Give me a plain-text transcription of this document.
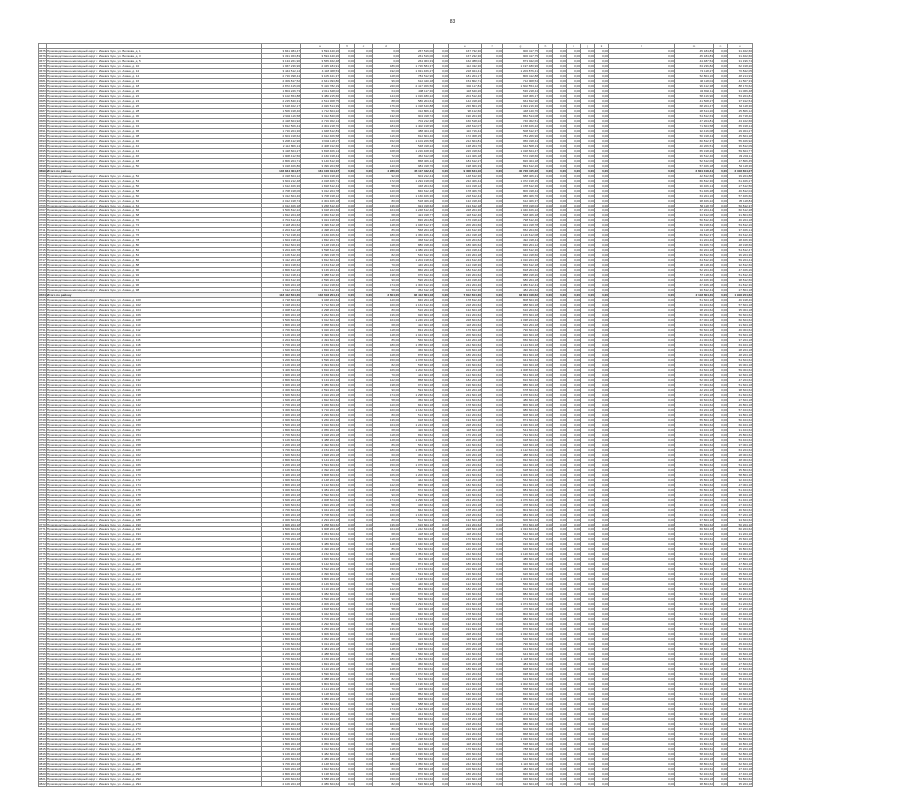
83
			a	б	c	d			e	f	g	h		i	j	k	l	m	n	o
3675	Производственно-жилищный округ г. Ижевск Чуш, ул. Волкова, д. 1	3 841 384,47	3 594 440,26	0,00	0,00	3,00	267 516,00	0,00	167 732,30	0,00	900 417,75	0,00	0,00	0,00	0,00	0,00	0,00	45 184,83	0,00	31 402,66
3676	Производственно-жилищный округ г. Ижевск Чуш, ул. Волкова, д. 3	3 331 363,83	3 594 440,26	0,00	0,00	3,00	261 516,00	0,00	167 232,30	0,00	900 417,75	0,00	0,00	0,00	0,00	0,00	0,00	45 184,83	0,00	31 402,66
3677	Производственно-жилищный округ г. Ижевск Чуш, ул. Волкова, д. 5	3 134 261,90	3 565 462,48	0,00	0,00	3,00	264 063,33	0,00	162 388,04	0,00	873 942,06	0,00	0,00	0,00	0,00	0,00	0,00	44 487,54	0,00	31 196,74
3678	Производственно-жилищный округ г. Ижевск Чуш, ул. Азина, д. 10	1 967 236,96	2 345 184,91	0,00	0,00	186,00	1 726 584,37	0,00	112 432,30	0,00	1 197 480,96	0,00	0,00	0,00	0,00	0,00	0,00	63 236,82	0,00	62 318,20
3679	Производственно-жилищный округ г. Ижевск Чуш, ул. Азина, д. 12	3 444 512,14	4 118 468,53	0,00	0,00	192,00	1 931 466,27	0,00	218 924,41	0,00	1 203 876,41	0,00	0,00	0,00	0,00	0,00	0,00	74 118,27	0,00	70 842,05
3680	Производственно-жилищный округ г. Ижевск Чуш, ул. Азина, д. 14	2 716 398,44	3 105 421,37	0,00	0,00	128,00	784 512,96	0,00	181 204,17	0,00	806 412,88	0,00	0,00	0,00	0,00	0,00	0,00	52 804,16	0,00	48 214,93
3681	Производственно-жилищный округ г. Ижевск Чуш, ул. Азина, д. 16	2 309 817,52	2 641 093,80	0,00	0,00	96,00	612 440,18	0,00	154 802,71	0,00	712 908,54	0,00	0,00	0,00	0,00	0,00	0,00	46 118,04	0,00	41 507,33
3682	Производственно-жилищный округ г. Ижевск Чуш, ул. Азина, д. 18	4 872 415,06	5 416 782,19	0,00	0,00	240,00	2 417 306,50	0,00	302 117,84	0,00	1 602 554,12	0,00	0,00	0,00	0,00	0,00	0,00	96 412,38	0,00	88 170,62
3683	Производственно-жилищный округ г. Ижевск Чуш, ул. Азина, д. 20	1 804 226,73	2 011 648,02	0,00	0,00	64,00	408 117,30	0,00	118 640,26	0,00	536 218,44	0,00	0,00	0,00	0,00	0,00	0,00	34 802,11	0,00	31 066,48
3684	Производственно-жилищный округ г. Ижевск Чуш, ул. Азина, д. 22	3 102 654,88	3 480 215,66	0,00	0,00	144,00	1 016 480,22	0,00	204 512,40	0,00	918 306,17	0,00	0,00	0,00	0,00	0,00	0,00	58 416,90	0,00	53 204,81
3685	Производственно-жилищный округ г. Ижевск Чуш, ул. Азина, д. 24	2 215 840,31	2 514 308,75	0,00	0,00	88,00	586 204,64	0,00	142 318,20	0,00	664 812,90	0,00	0,00	0,00	0,00	0,00	0,00	41 508,27	0,00	37 912,54
3686	Производственно-жилищный округ г. Ижевск Чуш, ул. Азина, д. 26	3 618 402,17	4 026 514,39	0,00	0,00	176,00	1 318 640,88	0,00	236 804,15	0,00	1 094 216,30	0,00	0,00	0,00	0,00	0,00	0,00	68 204,47	0,00	62 118,30
3687	Производственно-жилищный округ г. Ижевск Чуш, ул. Азина, д. 28	1 506 318,40	1 712 604,22	0,00	0,00	56,00	312 806,14	0,00	98 412,60	0,00	448 120,76	0,00	0,00	0,00	0,00	0,00	0,00	28 614,20	0,00	25 806,12
3688	Производственно-жилищный округ г. Ижевск Чуш, ул. Азина, д. 30	2 904 116,58	3 312 840,06	0,00	0,00	132,00	904 318,72	0,00	190 204,36	0,00	862 514,08	0,00	0,00	0,00	0,00	0,00	0,00	54 812,63	0,00	49 718,40
3689	Производственно-жилищный округ г. Ижевск Чуш, ул. Азина, д. 32	2 418 604,92	2 716 302,14	0,00	0,00	104,00	704 212,38	0,00	160 518,22	0,00	746 302,51	0,00	0,00	0,00	0,00	0,00	0,00	47 204,81	0,00	43 102,66
3690	Производственно-жилищный округ г. Ижевск Чуш, ул. Азина, д. 34	3 812 506,44	4 304 218,70	0,00	0,00	184,00	1 402 318,96	0,00	248 612,07	0,00	1 158 406,22	0,00	0,00	0,00	0,00	0,00	0,00	71 604,58	0,00	65 318,14
3691	Производственно-жилищный округ г. Ижевск Чуш, ул. Азина, д. 36	1 716 204,30	1 948 612,83	0,00	0,00	60,00	388 404,16	0,00	110 716,44	0,00	508 612,37	0,00	0,00	0,00	0,00	0,00	0,00	32 416,08	0,00	29 304,27
3692	Производственно-жилищный округ г. Ижевск Чуш, ул. Азина, д. 38	2 604 318,62	2 912 406,58	0,00	0,00	116,00	812 604,40	0,00	172 308,15	0,00	784 206,90	0,00	0,00	0,00	0,00	0,00	0,00	50 318,44	0,00	45 604,18
3693	Производственно-жилищный округ г. Ижевск Чуш, ул. Азина, д. 40	3 208 412,96	3 604 118,27	0,00	0,00	152,00	1 104 206,58	0,00	212 604,81	0,00	956 318,44	0,00	0,00	0,00	0,00	0,00	0,00	60 812,37	0,00	55 406,92
3694	Производственно-жилищный округ г. Ижевск Чуш, ул. Азина, д. 42	2 112 806,14	2 408 312,60	0,00	0,00	84,00	548 318,22	0,00	138 204,70	0,00	642 508,13	0,00	0,00	0,00	0,00	0,00	0,00	40 206,51	0,00	36 812,09
3695	Производственно-жилищный округ г. Ижевск Чуш, ул. Азина, д. 44	3 418 604,27	3 818 406,14	0,00	0,00	168,00	1 216 408,30	0,00	226 318,62	0,00	1 018 604,47	0,00	0,00	0,00	0,00	0,00	0,00	65 318,20	0,00	59 604,77
3696	Производственно-жилищный округ г. Ижевск Чуш, ул. Азина, д. 46	1 908 412,50	2 160 318,44	0,00	0,00	72,00	452 612,08	0,00	124 406,18	0,00	572 318,66	0,00	0,00	0,00	0,00	0,00	0,00	36 512,40	0,00	33 204,11
3697	Производственно-жилищный округ г. Ижевск Чуш, ул. Азина, д. 48	2 806 204,71	3 140 612,30	0,00	0,00	124,00	868 406,12	0,00	184 612,27	0,00	826 404,18	0,00	0,00	0,00	0,00	0,00	0,00	52 612,06	0,00	47 806,45
3698	Производственно-жилищный округ г. Ижевск Чуш, ул. Азина, д. 50	3 018 406,80	3 396 204,58	0,00	0,00	140,00	984 318,70	0,00	198 406,33	0,00	894 612,20	0,00	0,00	0,00	0,00	0,00	0,00	57 406,18	0,00	52 118,36
3699	Итого по району	146 844 304,37	161 106 314,37	0,00	0,00	4 286,00	45 117 342,44	0,00	9 308 624,16	0,00	40 726 415,22	0,00	0,00	0,00	0,00	0,00	0,00	2 604 318,44	0,00	2 318 604,27
3700	Производственно-жилищный округ г. Ижевск Чуш, ул. Азина, д. 52	2 318 604,12	2 604 318,20	0,00	0,00	92,00	604 212,44	0,00	148 612,30	0,00	688 406,21	0,00	0,00	0,00	0,00	0,00	0,00	42 812,60	0,00	39 204,88
3701	Производственно-жилищный округ г. Ижевск Чуш, ул. Азина, д. 54	3 604 212,48	4 018 406,71	0,00	0,00	172,00	1 294 318,06	0,00	232 406,44	0,00	1 072 318,15	0,00	0,00	0,00	0,00	0,00	0,00	66 812,30	0,00	61 406,27
3702	Производственно-жилищный округ г. Ижевск Чуш, ул. Азина, д. 56	1 612 406,30	1 818 612,44	0,00	0,00	58,00	348 204,62	0,00	104 318,12	0,00	478 612,30	0,00	0,00	0,00	0,00	0,00	0,00	30 406,14	0,00	27 612,50
3703	Производственно-жилищный округ г. Ижевск Чуш, ул. Азина, д. 58	2 708 318,06	3 012 204,78	0,00	0,00	120,00	840 612,18	0,00	178 406,70	0,00	806 318,44	0,00	0,00	0,00	0,00	0,00	0,00	51 406,28	0,00	46 812,04
3704	Производственно-жилищный округ г. Ижевск Чуш, ул. Азина, д. 60	3 312 604,40	3 708 318,12	0,00	0,00	160,00	1 160 406,30	0,00	218 612,44	0,00	986 406,70	0,00	0,00	0,00	0,00	0,00	0,00	63 204,16	0,00	57 406,60
3705	Производственно-жилищный округ г. Ижевск Чуш, ул. Азина, д. 62	2 012 318,74	2 304 406,18	0,00	0,00	80,00	518 406,20	0,00	132 318,40	0,00	612 406,37	0,00	0,00	0,00	0,00	0,00	0,00	38 406,22	0,00	35 118,84
3706	Производственно-жилищный округ г. Ижевск Чуш, ул. Азина, д. 64	2 912 406,18	3 268 612,40	0,00	0,00	136,00	924 318,62	0,00	194 612,18	0,00	878 318,04	0,00	0,00	0,00	0,00	0,00	0,00	56 118,70	0,00	50 812,37
3707	Производственно-жилищный округ г. Ижевск Чуш, ул. Азина, д. 66	3 506 812,22	3 918 204,60	0,00	0,00	164,00	1 248 612,40	0,00	228 204,30	0,00	1 040 406,22	0,00	0,00	0,00	0,00	0,00	0,00	67 204,44	0,00	60 612,28
3708	Производственно-жилищный округ г. Ижевск Чуш, ул. Азина, д. 68	1 812 204,48	2 060 612,30	0,00	0,00	68,00	424 318,77	0,00	118 612,40	0,00	548 406,18	0,00	0,00	0,00	0,00	0,00	0,00	34 612,08	0,00	31 804,66
3709	Производственно-жилищный округ г. Ижевск Чуш, ул. Азина, д. 70	2 704 612,44	3 024 318,60	0,00	0,00	118,00	836 204,80	0,00	176 318,22	0,00	798 612,40	0,00	0,00	0,00	0,00	0,00	0,00	50 812,40	0,00	46 204,18
3710	Производственно-жилищный округ г. Ижевск Чуш, ул. Азина, д. 72	3 118 204,62	3 496 612,18	0,00	0,00	148,00	1 048 612,37	0,00	206 204,60	0,00	924 318,78	0,00	0,00	0,00	0,00	0,00	0,00	59 318,64	0,00	53 812,20
3711	Производственно-жилищный округ г. Ижевск Чуш, ул. Азина, д. 74	2 204 612,18	2 498 204,40	0,00	0,00	86,00	568 204,18	0,00	140 612,30	0,00	652 204,60	0,00	0,00	0,00	0,00	0,00	0,00	41 118,28	0,00	37 406,14
3712	Производственно-жилищный округ г. Ижевск Чуш, ул. Азина, д. 76	3 712 318,40	4 160 406,62	0,00	0,00	180,00	1 360 406,44	0,00	242 318,18	0,00	1 126 612,08	0,00	0,00	0,00	0,00	0,00	0,00	69 812,37	0,00	63 612,40
3713	Производственно-жилищный округ г. Ижевск Чуш, ул. Азина, д. 78	1 604 318,22	1 832 204,70	0,00	0,00	60,00	368 612,20	0,00	106 204,62	0,00	492 318,44	0,00	0,00	0,00	0,00	0,00	0,00	31 204,40	0,00	28 406,30
3714	Производственно-жилищный округ г. Ижевск Чуш, ул. Азина, д. 80	2 812 604,30	3 148 318,44	0,00	0,00	128,00	880 318,40	0,00	186 406,62	0,00	836 204,12	0,00	0,00	0,00	0,00	0,00	0,00	53 406,72	0,00	48 318,60
3715	Производственно-жилищный округ г. Ижевск Чуш, ул. Азина, д. 82	3 204 406,78	3 598 612,20	0,00	0,00	150,00	1 080 204,30	0,00	210 318,44	0,00	946 612,30	0,00	0,00	0,00	0,00	0,00	0,00	60 204,18	0,00	54 812,47
3716	Производственно-жилищный округ г. Ижевск Чуш, ул. Азина, д. 84	2 106 612,40	2 396 318,70	0,00	0,00	82,00	540 612,36	0,00	136 204,18	0,00	632 318,60	0,00	0,00	0,00	0,00	0,00	0,00	39 812,60	0,00	36 204,30
3717	Производственно-жилищный округ г. Ижевск Чуш, ул. Азина, д. 86	3 412 204,18	3 812 604,40	0,00	0,00	166,00	1 204 318,62	0,00	224 612,40	0,00	1 010 204,36	0,00	0,00	0,00	0,00	0,00	0,00	64 812,20	0,00	59 204,44
3718	Производственно-жилищный округ г. Ижевск Чуш, ул. Азина, д. 88	1 904 318,62	2 154 612,18	0,00	0,00	70,00	446 204,40	0,00	122 318,30	0,00	566 612,18	0,00	0,00	0,00	0,00	0,00	0,00	36 118,40	0,00	32 812,60
3719	Производственно-жилищный округ г. Ижевск Чуш, ул. Азина, д. 90	2 806 612,20	3 136 204,44	0,00	0,00	122,00	860 204,18	0,00	182 612,40	0,00	818 204,62	0,00	0,00	0,00	0,00	0,00	0,00	52 204,40	0,00	47 406,20
3720	Производственно-жилищный округ г. Ижевск Чуш, ул. Азина, д. 92	3 012 318,44	3 388 612,30	0,00	0,00	138,00	976 612,40	0,00	196 204,62	0,00	888 318,20	0,00	0,00	0,00	0,00	0,00	0,00	57 118,62	0,00	51 812,40
3721	Производственно-жилищный округ г. Ижевск Чуш, ул. Азина, д. 94	2 304 612,30	2 596 204,18	0,00	0,00	90,00	596 204,62	0,00	146 318,40	0,00	680 204,18	0,00	0,00	0,00	0,00	0,00	0,00	42 406,30	0,00	38 812,60
3722	Производственно-жилищный округ г. Ижевск Чуш, ул. Азина, д. 96	3 606 204,18	4 012 318,62	0,00	0,00	174,00	1 300 612,20	0,00	234 204,40	0,00	1 080 612,44	0,00	0,00	0,00	0,00	0,00	0,00	67 406,18	0,00	61 812,30
3723	Производственно-жилищный округ г. Ижевск Чуш, ул. Азина, д. 98	1 612 204,62	1 824 612,40	0,00	0,00	58,00	352 612,18	0,00	104 812,30	0,00	482 204,62	0,00	0,00	0,00	0,00	0,00	0,00	30 812,44	0,00	27 804,18
3724	Итого по району	118 412 604,30	132 618 204,44	0,00	0,00	3 604,00	36 412 604,18	0,00	7 812 604,30	0,00	33 604 318,62	0,00	0,00	0,00	0,00	0,00	0,00	2 118 604,40	0,00	1 918 204,62
3725	Производственно-жилищный округ г. Ижевск Чуш, ул. Азина, д. 100	2 718 604,30	3 048 204,62	0,00	0,00	120,00	846 204,18	0,00	178 812,40	0,00	808 604,30	0,00	0,00	0,00	0,00	0,00	0,00	51 604,18	0,00	46 918,40
3726	Производственно-жилищный округ г. Ижевск Чуш, ул. Азина, д. 102	3 318 204,62	3 712 604,18	0,00	0,00	160,00	1 164 612,40	0,00	218 204,62	0,00	988 604,18	0,00	0,00	0,00	0,00	0,00	0,00	63 404,62	0,00	57 604,18
3727	Производственно-жилищный округ г. Ижевск Чуш, ул. Азина, д. 104	2 008 612,40	2 298 204,62	0,00	0,00	80,00	516 204,30	0,00	132 604,18	0,00	610 204,62	0,00	0,00	0,00	0,00	0,00	0,00	38 204,62	0,00	35 004,18
3728	Производственно-жилищный округ г. Ижевск Чуш, ул. Азина, д. 106	2 906 204,18	3 262 604,40	0,00	0,00	136,00	920 604,18	0,00	194 204,62	0,00	876 604,18	0,00	0,00	0,00	0,00	0,00	0,00	56 004,18	0,00	50 604,62
3729	Производственно-жилищный округ г. Ижевск Чуш, ул. Азина, д. 108	3 506 604,62	3 912 604,18	0,00	0,00	164,00	1 246 204,18	0,00	228 604,62	0,00	1 038 204,62	0,00	0,00	0,00	0,00	0,00	0,00	67 004,18	0,00	60 604,62
3730	Производственно-жилищный округ г. Ижевск Чуш, ул. Азина, д. 110	1 806 204,18	2 058 604,62	0,00	0,00	68,00	422 604,18	0,00	118 204,62	0,00	546 204,18	0,00	0,00	0,00	0,00	0,00	0,00	34 604,62	0,00	31 604,18
3731	Производственно-жилищный округ г. Ижевск Чуш, ул. Азина, д. 112	2 706 604,62	3 020 204,18	0,00	0,00	118,00	834 204,62	0,00	176 604,18	0,00	796 604,62	0,00	0,00	0,00	0,00	0,00	0,00	50 604,18	0,00	46 004,62
3732	Производственно-жилищный округ г. Ижевск Чуш, ул. Азина, д. 114	3 106 204,18	3 490 604,62	0,00	0,00	148,00	1 044 604,18	0,00	206 604,62	0,00	920 604,18	0,00	0,00	0,00	0,00	0,00	0,00	59 204,62	0,00	53 604,18
3733	Производственно-жилищный округ г. Ижевск Чуш, ул. Азина, д. 116	2 204 604,62	2 494 604,18	0,00	0,00	86,00	566 604,62	0,00	140 204,18	0,00	650 604,62	0,00	0,00	0,00	0,00	0,00	0,00	41 004,62	0,00	37 204,18
3734	Производственно-жилищный округ г. Ижевск Чуш, ул. Азина, д. 118	3 706 204,18	4 156 604,62	0,00	0,00	180,00	1 358 604,18	0,00	242 604,62	0,00	1 124 604,18	0,00	0,00	0,00	0,00	0,00	0,00	69 604,62	0,00	63 404,18
3735	Производственно-жилищный округ г. Ижевск Чуш, ул. Азина, д. 120	1 606 604,62	1 830 204,18	0,00	0,00	60,00	366 604,62	0,00	106 604,18	0,00	490 604,62	0,00	0,00	0,00	0,00	0,00	0,00	31 004,62	0,00	28 204,18
3736	Производственно-жилищный округ г. Ижевск Чуш, ул. Азина, д. 122	2 806 204,18	3 146 604,62	0,00	0,00	128,00	878 604,18	0,00	186 204,62	0,00	834 604,18	0,00	0,00	0,00	0,00	0,00	0,00	53 204,62	0,00	48 204,18
3737	Производственно-жилищный округ г. Ижевск Чуш, ул. Азина, д. 124	3 206 604,62	3 596 204,18	0,00	0,00	150,00	1 078 604,62	0,00	210 604,18	0,00	944 604,62	0,00	0,00	0,00	0,00	0,00	0,00	60 004,18	0,00	54 604,62
3738	Производственно-жилищный округ г. Ижевск Чуш, ул. Азина, д. 126	2 106 204,18	2 394 604,62	0,00	0,00	82,00	538 604,18	0,00	136 604,62	0,00	630 604,18	0,00	0,00	0,00	0,00	0,00	0,00	39 604,62	0,00	36 004,18
3739	Производственно-жилищный округ г. Ижевск Чуш, ул. Азина, д. 128	3 406 604,62	3 810 204,18	0,00	0,00	166,00	1 202 604,62	0,00	224 204,18	0,00	1 008 604,62	0,00	0,00	0,00	0,00	0,00	0,00	64 604,18	0,00	59 004,62
3740	Производственно-жилищный округ г. Ижевск Чуш, ул. Азина, д. 130	1 906 204,18	2 150 604,62	0,00	0,00	70,00	444 604,18	0,00	122 604,62	0,00	564 604,18	0,00	0,00	0,00	0,00	0,00	0,00	36 004,62	0,00	32 604,18
3741	Производственно-жилищный округ г. Ижевск Чуш, ул. Азина, д. 132	2 806 604,62	3 134 204,18	0,00	0,00	122,00	858 604,62	0,00	182 204,18	0,00	816 604,62	0,00	0,00	0,00	0,00	0,00	0,00	52 004,18	0,00	47 204,62
3742	Производственно-жилищный округ г. Ижевск Чуш, ул. Азина, д. 134	3 006 204,18	3 386 604,62	0,00	0,00	138,00	974 604,18	0,00	196 604,62	0,00	886 604,18	0,00	0,00	0,00	0,00	0,00	0,00	57 004,62	0,00	51 604,18
3743	Производственно-жилищный округ г. Ижевск Чуш, ул. Азина, д. 136	2 306 604,62	2 594 204,18	0,00	0,00	90,00	594 604,62	0,00	146 204,18	0,00	678 604,62	0,00	0,00	0,00	0,00	0,00	0,00	42 204,18	0,00	38 604,62
3744	Производственно-жилищный округ г. Ижевск Чуш, ул. Азина, д. 138	3 606 604,62	4 010 204,18	0,00	0,00	174,00	1 298 604,62	0,00	234 604,18	0,00	1 078 604,62	0,00	0,00	0,00	0,00	0,00	0,00	67 204,18	0,00	61 604,62
3745	Производственно-жилищный округ г. Ижевск Чуш, ул. Азина, д. 140	1 606 204,18	1 822 604,62	0,00	0,00	58,00	350 604,18	0,00	104 604,62	0,00	480 604,18	0,00	0,00	0,00	0,00	0,00	0,00	30 604,62	0,00	27 604,18
3746	Производственно-жилищный округ г. Ижевск Чуш, ул. Азина, д. 142	2 706 204,18	3 046 604,62	0,00	0,00	120,00	844 604,18	0,00	178 604,62	0,00	806 604,18	0,00	0,00	0,00	0,00	0,00	0,00	51 404,62	0,00	46 804,18
3747	Производственно-жилищный округ г. Ижевск Чуш, ул. Азина, д. 144	3 306 604,62	3 710 204,18	0,00	0,00	160,00	1 162 604,62	0,00	218 604,18	0,00	986 604,62	0,00	0,00	0,00	0,00	0,00	0,00	63 204,18	0,00	57 404,62
3748	Производственно-жилищный округ г. Ижевск Чуш, ул. Азина, д. 146	2 006 204,18	2 296 604,62	0,00	0,00	80,00	514 604,18	0,00	132 204,62	0,00	608 604,18	0,00	0,00	0,00	0,00	0,00	0,00	38 004,62	0,00	34 804,18
3749	Производственно-жилищный округ г. Ижевск Чуш, ул. Азина, д. 148	2 906 604,62	3 260 204,18	0,00	0,00	136,00	918 604,62	0,00	194 604,18	0,00	874 604,62	0,00	0,00	0,00	0,00	0,00	0,00	55 804,18	0,00	50 404,62
3750	Производственно-жилищный округ г. Ижевск Чуш, ул. Азина, д. 150	3 506 204,18	3 910 604,62	0,00	0,00	164,00	1 244 604,18	0,00	228 204,62	0,00	1 036 604,18	0,00	0,00	0,00	0,00	0,00	0,00	66 804,62	0,00	60 404,18
3751	Производственно-жилищный округ г. Ижевск Чуш, ул. Азина, д. 152	1 806 604,62	2 056 204,18	0,00	0,00	68,00	420 604,62	0,00	118 604,18	0,00	544 604,62	0,00	0,00	0,00	0,00	0,00	0,00	34 404,18	0,00	31 404,62
3752	Производственно-жилищный округ г. Ижевск Чуш, ул. Азина, д. 154	2 706 604,62	3 018 204,18	0,00	0,00	118,00	832 604,62	0,00	176 204,18	0,00	794 604,62	0,00	0,00	0,00	0,00	0,00	0,00	50 404,18	0,00	45 804,62
3753	Производственно-жилищный округ г. Ижевск Чуш, ул. Азина, д. 156	3 106 604,62	3 488 204,18	0,00	0,00	148,00	1 042 604,62	0,00	206 204,18	0,00	918 604,62	0,00	0,00	0,00	0,00	0,00	0,00	59 004,18	0,00	53 404,62
3754	Производственно-жилищный округ г. Ижевск Чуш, ул. Азина, д. 158	2 206 204,18	2 492 604,62	0,00	0,00	86,00	564 604,18	0,00	140 604,62	0,00	648 604,18	0,00	0,00	0,00	0,00	0,00	0,00	40 804,62	0,00	37 004,18
3755	Производственно-жилищный округ г. Ижевск Чуш, ул. Азина, д. 160	3 706 604,62	4 154 204,18	0,00	0,00	180,00	1 356 604,62	0,00	242 204,18	0,00	1 122 604,62	0,00	0,00	0,00	0,00	0,00	0,00	69 404,18	0,00	63 204,62
3756	Производственно-жилищный округ г. Ижевск Чуш, ул. Азина, д. 162	1 606 604,62	1 828 204,18	0,00	0,00	60,00	364 604,62	0,00	106 204,18	0,00	488 604,62	0,00	0,00	0,00	0,00	0,00	0,00	30 804,18	0,00	28 004,62
3757	Производственно-жилищный округ г. Ижевск Чуш, ул. Азина, д. 164	2 806 604,62	3 144 204,18	0,00	0,00	128,00	876 604,62	0,00	186 604,18	0,00	832 604,62	0,00	0,00	0,00	0,00	0,00	0,00	53 004,18	0,00	48 004,62
3758	Производственно-жилищный округ г. Ижевск Чуш, ул. Азина, д. 166	3 206 204,18	3 594 604,62	0,00	0,00	150,00	1 076 604,18	0,00	210 204,62	0,00	942 604,18	0,00	0,00	0,00	0,00	0,00	0,00	59 804,62	0,00	54 404,18
3759	Производственно-жилищный округ г. Ижевск Чуш, ул. Азина, д. 168	2 106 604,62	2 392 204,18	0,00	0,00	82,00	536 604,62	0,00	136 204,18	0,00	628 604,62	0,00	0,00	0,00	0,00	0,00	0,00	39 404,18	0,00	35 804,62
3760	Производственно-жилищный округ г. Ижевск Чуш, ул. Азина, д. 170	3 406 204,18	3 808 604,62	0,00	0,00	166,00	1 200 604,18	0,00	224 604,62	0,00	1 006 604,18	0,00	0,00	0,00	0,00	0,00	0,00	64 404,62	0,00	58 804,18
3761	Производственно-жилищный округ г. Ижевск Чуш, ул. Азина, д. 172	1 906 604,62	2 148 204,18	0,00	0,00	70,00	442 604,62	0,00	122 204,18	0,00	562 604,62	0,00	0,00	0,00	0,00	0,00	0,00	35 804,18	0,00	32 404,62
3762	Производственно-жилищный округ г. Ижевск Чуш, ул. Азина, д. 174	2 806 204,18	3 132 604,62	0,00	0,00	122,00	856 604,18	0,00	182 604,62	0,00	814 604,18	0,00	0,00	0,00	0,00	0,00	0,00	51 804,62	0,00	47 004,18
3763	Производственно-жилищный округ г. Ижевск Чуш, ул. Азина, д. 176	3 006 604,62	3 384 204,18	0,00	0,00	138,00	972 604,62	0,00	196 204,18	0,00	884 604,62	0,00	0,00	0,00	0,00	0,00	0,00	56 804,18	0,00	51 404,62
3764	Производственно-жилищный округ г. Ижевск Чуш, ул. Азина, д. 178	2 306 204,18	2 592 604,62	0,00	0,00	90,00	592 604,18	0,00	146 604,62	0,00	676 604,18	0,00	0,00	0,00	0,00	0,00	0,00	42 004,62	0,00	38 404,18
3765	Производственно-жилищный округ г. Ижевск Чуш, ул. Азина, д. 180	3 606 204,18	4 008 604,62	0,00	0,00	174,00	1 296 604,18	0,00	234 204,62	0,00	1 076 604,18	0,00	0,00	0,00	0,00	0,00	0,00	67 004,62	0,00	61 404,18
3766	Производственно-жилищный округ г. Ижевск Чуш, ул. Азина, д. 182	1 606 604,62	1 820 204,18	0,00	0,00	58,00	348 604,62	0,00	104 204,18	0,00	478 604,62	0,00	0,00	0,00	0,00	0,00	0,00	30 404,18	0,00	27 404,62
3767	Производственно-жилищный округ г. Ижевск Чуш, ул. Азина, д. 184	2 706 604,62	3 044 204,18	0,00	0,00	120,00	842 604,62	0,00	178 204,18	0,00	804 604,62	0,00	0,00	0,00	0,00	0,00	0,00	51 204,18	0,00	46 604,62
3768	Производственно-жилищный округ г. Ижевск Чуш, ул. Азина, д. 186	3 306 204,18	3 708 604,62	0,00	0,00	160,00	1 160 604,18	0,00	218 204,62	0,00	984 604,18	0,00	0,00	0,00	0,00	0,00	0,00	63 004,62	0,00	57 204,18
3769	Производственно-жилищный округ г. Ижевск Чуш, ул. Азина, д. 188	2 006 604,62	2 294 204,18	0,00	0,00	80,00	512 604,62	0,00	132 604,18	0,00	606 604,62	0,00	0,00	0,00	0,00	0,00	0,00	37 804,18	0,00	34 604,62
3770	Производственно-жилищный округ г. Ижевск Чуш, ул. Азина, д. 190	2 906 204,18	3 258 604,62	0,00	0,00	136,00	916 604,18	0,00	194 204,62	0,00	872 604,18	0,00	0,00	0,00	0,00	0,00	0,00	55 604,62	0,00	50 204,18
3771	Производственно-жилищный округ г. Ижевск Чуш, ул. Азина, д. 192	3 506 604,62	3 908 204,18	0,00	0,00	164,00	1 242 604,62	0,00	228 604,18	0,00	1 034 604,62	0,00	0,00	0,00	0,00	0,00	0,00	66 604,18	0,00	60 204,62
3772	Производственно-жилищный округ г. Ижевск Чуш, ул. Азина, д. 194	1 806 204,18	2 054 604,62	0,00	0,00	68,00	418 604,18	0,00	118 204,62	0,00	542 604,18	0,00	0,00	0,00	0,00	0,00	0,00	34 204,62	0,00	31 204,18
3773	Производственно-жилищный округ г. Ижевск Чуш, ул. Азина, д. 196	2 706 204,18	3 016 604,62	0,00	0,00	118,00	830 604,18	0,00	176 604,62	0,00	792 604,18	0,00	0,00	0,00	0,00	0,00	0,00	50 204,62	0,00	45 604,18
3774	Производственно-жилищный округ г. Ижевск Чуш, ул. Азина, д. 198	3 106 204,18	3 486 604,62	0,00	0,00	148,00	1 040 604,18	0,00	206 604,62	0,00	916 604,18	0,00	0,00	0,00	0,00	0,00	0,00	58 804,62	0,00	53 204,18
3775	Производственно-жилищный округ г. Ижевск Чуш, ул. Азина, д. 200	2 206 604,62	2 490 204,18	0,00	0,00	86,00	562 604,62	0,00	140 204,18	0,00	646 604,62	0,00	0,00	0,00	0,00	0,00	0,00	40 604,18	0,00	36 804,62
3776	Производственно-жилищный округ г. Ижевск Чуш, ул. Азина, д. 202	3 706 204,18	4 152 604,62	0,00	0,00	180,00	1 354 604,18	0,00	242 604,62	0,00	1 120 604,18	0,00	0,00	0,00	0,00	0,00	0,00	69 204,62	0,00	63 004,18
3777	Производственно-жилищный округ г. Ижевск Чуш, ул. Азина, д. 204	1 606 204,18	1 826 604,62	0,00	0,00	60,00	362 604,18	0,00	106 604,62	0,00	486 604,18	0,00	0,00	0,00	0,00	0,00	0,00	30 604,62	0,00	27 804,18
3778	Производственно-жилищный округ г. Ижевск Чуш, ул. Азина, д. 206	2 806 204,18	3 142 604,62	0,00	0,00	128,00	874 604,18	0,00	186 204,62	0,00	830 604,18	0,00	0,00	0,00	0,00	0,00	0,00	52 804,62	0,00	47 804,18
3779	Производственно-жилищный округ г. Ижевск Чуш, ул. Азина, д. 208	3 206 604,62	3 592 204,18	0,00	0,00	150,00	1 074 604,62	0,00	210 604,18	0,00	940 604,62	0,00	0,00	0,00	0,00	0,00	0,00	59 604,18	0,00	54 204,62
3780	Производственно-жилищный округ г. Ижевск Чуш, ул. Азина, д. 210	2 106 204,18	2 390 604,62	0,00	0,00	82,00	534 604,18	0,00	136 604,62	0,00	626 604,18	0,00	0,00	0,00	0,00	0,00	0,00	39 204,62	0,00	35 604,18
3781	Производственно-жилищный округ г. Ижевск Чуш, ул. Азина, д. 212	3 406 604,62	3 806 204,18	0,00	0,00	166,00	1 198 604,62	0,00	224 204,18	0,00	1 004 604,62	0,00	0,00	0,00	0,00	0,00	0,00	64 204,18	0,00	58 604,62
3782	Производственно-жилищный округ г. Ижевск Чуш, ул. Азина, д. 214	1 906 204,18	2 146 604,62	0,00	0,00	70,00	440 604,18	0,00	122 604,62	0,00	560 604,18	0,00	0,00	0,00	0,00	0,00	0,00	35 604,62	0,00	32 204,18
3783	Производственно-жилищный округ г. Ижевск Чуш, ул. Азина, д. 216	2 806 604,62	3 130 204,18	0,00	0,00	122,00	854 604,62	0,00	182 204,18	0,00	812 604,62	0,00	0,00	0,00	0,00	0,00	0,00	51 604,18	0,00	46 804,62
3784	Производственно-жилищный округ г. Ижевск Чуш, ул. Азина, д. 218	3 006 204,18	3 382 604,62	0,00	0,00	138,00	970 604,18	0,00	196 604,62	0,00	882 604,18	0,00	0,00	0,00	0,00	0,00	0,00	56 604,62	0,00	51 204,18
3785	Производственно-жилищный округ г. Ижевск Чуш, ул. Азина, д. 220	2 306 604,62	2 590 204,18	0,00	0,00	90,00	590 604,62	0,00	146 204,18	0,00	674 604,62	0,00	0,00	0,00	0,00	0,00	0,00	41 804,18	0,00	38 204,62
3786	Производственно-жилищный округ г. Ижевск Чуш, ул. Азина, д. 222	3 606 604,62	4 006 204,18	0,00	0,00	174,00	1 294 604,62	0,00	234 604,18	0,00	1 074 604,62	0,00	0,00	0,00	0,00	0,00	0,00	66 804,18	0,00	61 204,62
3787	Производственно-жилищный округ г. Ижевск Чуш, ул. Азина, д. 224	1 606 204,18	1 818 604,62	0,00	0,00	58,00	346 604,18	0,00	104 604,62	0,00	476 604,18	0,00	0,00	0,00	0,00	0,00	0,00	30 204,62	0,00	27 204,18
3788	Производственно-жилищный округ г. Ижевск Чуш, ул. Азина, д. 226	2 706 204,18	3 042 604,62	0,00	0,00	120,00	840 604,18	0,00	178 604,62	0,00	802 604,18	0,00	0,00	0,00	0,00	0,00	0,00	51 004,62	0,00	46 404,18
3789	Производственно-жилищный округ г. Ижевск Чуш, ул. Азина, д. 228	3 306 604,62	3 706 204,18	0,00	0,00	160,00	1 158 604,62	0,00	218 604,18	0,00	982 604,62	0,00	0,00	0,00	0,00	0,00	0,00	62 804,18	0,00	57 004,62
3790	Производственно-жилищный округ г. Ижевск Чуш, ул. Азина, д. 230	2 006 204,18	2 292 604,62	0,00	0,00	80,00	510 604,18	0,00	132 204,62	0,00	604 604,18	0,00	0,00	0,00	0,00	0,00	0,00	37 604,62	0,00	34 404,18
3791	Производственно-жилищный округ г. Ижевск Чуш, ул. Азина, д. 232	2 906 604,62	3 256 204,18	0,00	0,00	136,00	914 604,62	0,00	194 604,18	0,00	870 604,62	0,00	0,00	0,00	0,00	0,00	0,00	55 404,18	0,00	50 004,62
3792	Производственно-жилищный округ г. Ижевск Чуш, ул. Азина, д. 234	3 506 204,18	3 906 604,62	0,00	0,00	164,00	1 240 604,18	0,00	228 204,62	0,00	1 032 604,18	0,00	0,00	0,00	0,00	0,00	0,00	66 404,62	0,00	60 004,18
3793	Производственно-жилищный округ г. Ижевск Чуш, ул. Азина, д. 236	1 806 604,62	2 052 204,18	0,00	0,00	68,00	416 604,62	0,00	118 604,18	0,00	540 604,62	0,00	0,00	0,00	0,00	0,00	0,00	34 004,18	0,00	31 004,62
3794	Производственно-жилищный округ г. Ижевск Чуш, ул. Азина, д. 238	2 706 604,62	3 014 204,18	0,00	0,00	118,00	828 604,62	0,00	176 204,18	0,00	790 604,62	0,00	0,00	0,00	0,00	0,00	0,00	50 004,18	0,00	45 404,62
3795	Производственно-жилищный округ г. Ижевск Чуш, ул. Азина, д. 240	3 106 604,62	3 484 204,18	0,00	0,00	148,00	1 038 604,62	0,00	206 204,18	0,00	914 604,62	0,00	0,00	0,00	0,00	0,00	0,00	58 604,18	0,00	53 004,62
3796	Производственно-жилищный округ г. Ижевск Чуш, ул. Азина, д. 242	2 206 204,18	2 488 604,62	0,00	0,00	86,00	560 604,18	0,00	140 604,62	0,00	644 604,18	0,00	0,00	0,00	0,00	0,00	0,00	40 404,62	0,00	36 604,18
3797	Производственно-жилищный округ г. Ижевск Чуш, ул. Азина, д. 244	3 706 604,62	4 150 204,18	0,00	0,00	180,00	1 352 604,62	0,00	242 204,18	0,00	1 118 604,62	0,00	0,00	0,00	0,00	0,00	0,00	69 004,18	0,00	62 804,62
3798	Производственно-жилищный округ г. Ижевск Чуш, ул. Азина, д. 246	1 606 604,62	1 824 204,18	0,00	0,00	60,00	360 604,62	0,00	106 204,18	0,00	484 604,62	0,00	0,00	0,00	0,00	0,00	0,00	30 404,18	0,00	27 604,62
3799	Производственно-жилищный округ г. Ижевск Чуш, ул. Азина, д. 248	2 806 604,62	3 140 204,18	0,00	0,00	128,00	872 604,62	0,00	186 604,18	0,00	828 604,62	0,00	0,00	0,00	0,00	0,00	0,00	52 604,18	0,00	47 604,62
3800	Производственно-жилищный округ г. Ижевск Чуш, ул. Азина, д. 250	3 206 204,18	3 590 604,62	0,00	0,00	150,00	1 072 604,18	0,00	210 204,62	0,00	938 604,18	0,00	0,00	0,00	0,00	0,00	0,00	59 404,62	0,00	54 004,18
3801	Производственно-жилищный округ г. Ижевск Чуш, ул. Азина, д. 252	2 106 604,62	2 388 204,18	0,00	0,00	82,00	532 604,62	0,00	136 204,18	0,00	624 604,62	0,00	0,00	0,00	0,00	0,00	0,00	39 004,18	0,00	35 404,62
3802	Производственно-жилищный округ г. Ижевск Чуш, ул. Азина, д. 254	3 406 204,18	3 804 604,62	0,00	0,00	166,00	1 196 604,18	0,00	224 604,62	0,00	1 002 604,18	0,00	0,00	0,00	0,00	0,00	0,00	64 004,62	0,00	58 404,18
3803	Производственно-жилищный округ г. Ижевск Чуш, ул. Азина, д. 256	1 906 604,62	2 144 204,18	0,00	0,00	70,00	438 604,62	0,00	122 204,18	0,00	558 604,62	0,00	0,00	0,00	0,00	0,00	0,00	35 404,18	0,00	32 004,62
3804	Производственно-жилищный округ г. Ижевск Чуш, ул. Азина, д. 258	2 806 204,18	3 128 604,62	0,00	0,00	122,00	852 604,18	0,00	182 604,62	0,00	810 604,18	0,00	0,00	0,00	0,00	0,00	0,00	51 404,62	0,00	46 604,18
3805	Производственно-жилищный округ г. Ижевск Чуш, ул. Азина, д. 260	3 006 604,62	3 380 204,18	0,00	0,00	138,00	968 604,62	0,00	196 204,18	0,00	880 604,62	0,00	0,00	0,00	0,00	0,00	0,00	56 404,18	0,00	51 004,62
3806	Производственно-жилищный округ г. Ижевск Чуш, ул. Азина, д. 262	2 306 204,18	2 588 604,62	0,00	0,00	90,00	588 604,18	0,00	146 604,62	0,00	672 604,18	0,00	0,00	0,00	0,00	0,00	0,00	41 604,62	0,00	38 004,18
3807	Производственно-жилищный округ г. Ижевск Чуш, ул. Азина, д. 264	3 606 204,18	4 004 604,62	0,00	0,00	174,00	1 292 604,18	0,00	234 204,62	0,00	1 072 604,18	0,00	0,00	0,00	0,00	0,00	0,00	66 604,62	0,00	61 004,18
3808	Производственно-жилищный округ г. Ижевск Чуш, ул. Азина, д. 266	1 606 604,62	1 816 204,18	0,00	0,00	58,00	344 604,62	0,00	104 204,18	0,00	474 604,62	0,00	0,00	0,00	0,00	0,00	0,00	30 004,18	0,00	27 004,62
3809	Производственно-жилищный округ г. Ижевск Чуш, ул. Азина, д. 268	2 706 604,62	3 040 204,18	0,00	0,00	120,00	838 604,62	0,00	178 204,18	0,00	800 604,62	0,00	0,00	0,00	0,00	0,00	0,00	50 804,18	0,00	46 204,62
3810	Производственно-жилищный округ г. Ижевск Чуш, ул. Азина, д. 270	3 306 204,18	3 704 604,62	0,00	0,00	160,00	1 156 604,18	0,00	218 204,62	0,00	980 604,18	0,00	0,00	0,00	0,00	0,00	0,00	62 604,62	0,00	56 804,18
3811	Производственно-жилищный округ г. Ижевск Чуш, ул. Азина, д. 272	2 006 604,62	2 290 204,18	0,00	0,00	80,00	508 604,62	0,00	132 604,18	0,00	602 604,62	0,00	0,00	0,00	0,00	0,00	0,00	37 404,18	0,00	34 204,62
3812	Производственно-жилищный округ г. Ижевск Чуш, ул. Азина, д. 274	2 906 204,18	3 254 604,62	0,00	0,00	136,00	912 604,18	0,00	194 204,62	0,00	868 604,18	0,00	0,00	0,00	0,00	0,00	0,00	55 204,62	0,00	49 804,18
3813	Производственно-жилищный округ г. Ижевск Чуш, ул. Азина, д. 276	3 506 604,62	3 904 204,18	0,00	0,00	164,00	1 238 604,62	0,00	228 604,18	0,00	1 030 604,62	0,00	0,00	0,00	0,00	0,00	0,00	66 204,18	0,00	59 804,62
3814	Производственно-жилищный округ г. Ижевск Чуш, ул. Азина, д. 278	1 806 204,18	2 050 604,62	0,00	0,00	68,00	414 604,18	0,00	118 204,62	0,00	538 604,18	0,00	0,00	0,00	0,00	0,00	0,00	33 804,62	0,00	30 804,18
3815	Производственно-жилищный округ г. Ижевск Чуш, ул. Азина, д. 280	2 706 204,18	3 012 604,62	0,00	0,00	118,00	826 604,18	0,00	176 604,62	0,00	788 604,18	0,00	0,00	0,00	0,00	0,00	0,00	49 804,62	0,00	45 204,18
3816	Производственно-жилищный округ г. Ижевск Чуш, ул. Азина, д. 282	3 106 204,18	3 482 604,62	0,00	0,00	148,00	1 036 604,18	0,00	206 604,62	0,00	912 604,18	0,00	0,00	0,00	0,00	0,00	0,00	58 404,62	0,00	52 804,18
3817	Производственно-жилищный округ г. Ижевск Чуш, ул. Азина, д. 284	2 206 604,62	2 486 204,18	0,00	0,00	86,00	558 604,62	0,00	140 204,18	0,00	642 604,62	0,00	0,00	0,00	0,00	0,00	0,00	40 204,18	0,00	36 404,62
3818	Производственно-жилищный округ г. Ижевск Чуш, ул. Азина, д. 286	3 706 204,18	4 148 604,62	0,00	0,00	180,00	1 350 604,18	0,00	242 604,62	0,00	1 116 604,18	0,00	0,00	0,00	0,00	0,00	0,00	68 804,62	0,00	62 604,18
3819	Производственно-жилищный округ г. Ижевск Чуш, ул. Азина, д. 288	1 606 204,18	1 822 604,62	0,00	0,00	60,00	358 604,18	0,00	106 604,62	0,00	482 604,18	0,00	0,00	0,00	0,00	0,00	0,00	30 204,62	0,00	27 404,18
3820	Производственно-жилищный округ г. Ижевск Чуш, ул. Азина, д. 290	2 806 204,18	3 138 604,62	0,00	0,00	128,00	870 604,18	0,00	186 204,62	0,00	826 604,18	0,00	0,00	0,00	0,00	0,00	0,00	52 404,62	0,00	47 404,18
3821	Производственно-жилищный округ г. Ижевск Чуш, ул. Азина, д. 292	3 206 604,62	3 588 204,18	0,00	0,00	150,00	1 070 604,62	0,00	210 604,18	0,00	936 604,62	0,00	0,00	0,00	0,00	0,00	0,00	59 204,18	0,00	53 804,62
3822	Производственно-жилищный округ г. Ижевск Чуш, ул. Азина, д. 294	2 106 204,18	2 386 604,62	0,00	0,00	82,00	530 604,18	0,00	136 604,62	0,00	622 604,18	0,00	0,00	0,00	0,00	0,00	0,00	38 804,62	0,00	35 204,18
